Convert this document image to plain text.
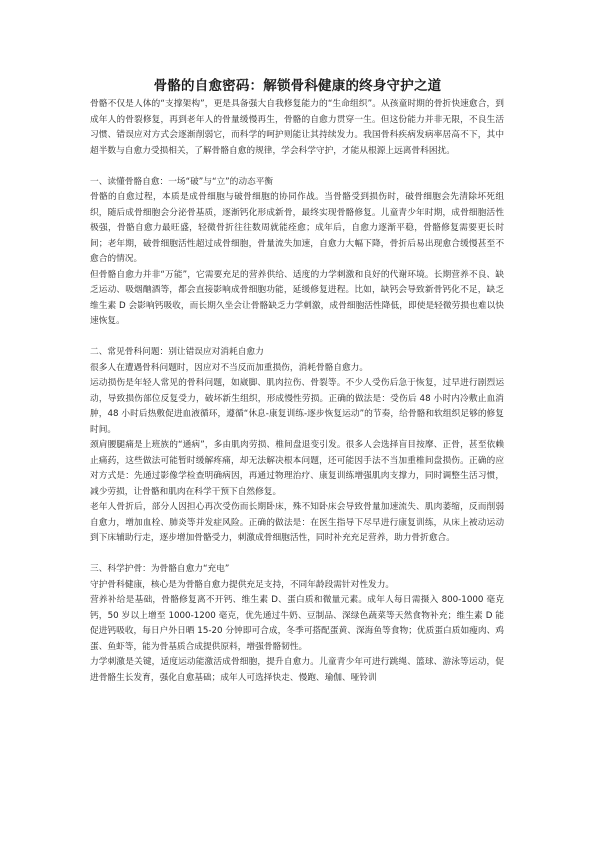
骨骼的自愈密码：解锁骨科健康的终身守护之道

骨骼不仅是人体的“支撑架构”，更是具备强大自我修复能力的“生命组织”。从孩童时期的骨折快速愈合，到成年人的骨裂修复，再到老年人的骨量缓慢再生，骨骼的自愈力贯穿一生。但这份能力并非无限，不良生活习惯、错误应对方式会逐渐削弱它，而科学的呵护则能让其持续发力。我国骨科疾病发病率居高不下，其中超半数与自愈力受损相关，了解骨骼自愈的规律，学会科学守护，才能从根源上远离骨科困扰。

一、读懂骨骼自愈：一场“破”与“立”的动态平衡

骨骼的自愈过程，本质是成骨细胞与破骨细胞的协同作战。当骨骼受到损伤时，破骨细胞会先清除坏死组织，随后成骨细胞会分泌骨基质，逐渐钙化形成新骨，最终实现骨骼修复。儿童青少年时期，成骨细胞活性极强，骨骼自愈力最旺盛，轻微骨折往往数周就能痊愈；成年后，自愈力逐渐平稳，骨骼修复需要更长时间；老年期，破骨细胞活性超过成骨细胞，骨量流失加速，自愈力大幅下降，骨折后易出现愈合缓慢甚至不愈合的情况。

但骨骼自愈力并非“万能”，它需要充足的营养供给、适度的力学刺激和良好的代谢环境。长期营养不良、缺乏运动、吸烟酗酒等，都会直接影响成骨细胞功能，延缓修复进程。比如，缺钙会导致新骨钙化不足，缺乏维生素 D 会影响钙吸收，而长期久坐会让骨骼缺乏力学刺激，成骨细胞活性降低，即使是轻微劳损也难以快速恢复。

二、常见骨科问题：别让错误应对消耗自愈力

很多人在遭遇骨科问题时，因应对不当反而加重损伤，消耗骨骼自愈力。

运动损伤是年轻人常见的骨科问题，如崴脚、肌肉拉伤、骨裂等。不少人受伤后急于恢复，过早进行剧烈运动，导致损伤部位反复受力，破坏新生组织，形成慢性劳损。正确的做法是：受伤后 48 小时内冷敷止血消肿，48 小时后热敷促进血液循环，遵循“休息-康复训练-逐步恢复运动”的节奏，给骨骼和软组织足够的修复时间。

颈肩腰腿痛是上班族的“通病”，多由肌肉劳损、椎间盘退变引发。很多人会选择盲目按摩、正骨，甚至依赖止痛药，这些做法可能暂时缓解疼痛，却无法解决根本问题，还可能因手法不当加重椎间盘损伤。正确的应对方式是：先通过影像学检查明确病因，再通过物理治疗、康复训练增强肌肉支撑力，同时调整生活习惯，减少劳损，让骨骼和肌肉在科学干预下自然修复。

老年人骨折后，部分人因担心再次受伤而长期卧床，殊不知卧床会导致骨量加速流失、肌肉萎缩，反而削弱自愈力，增加血栓、肺炎等并发症风险。正确的做法是：在医生指导下尽早进行康复训练，从床上被动运动到下床辅助行走，逐步增加骨骼受力，刺激成骨细胞活性，同时补充充足营养，助力骨折愈合。

三、科学护骨：为骨骼自愈力“充电”

守护骨科健康，核心是为骨骼自愈力提供充足支持，不同年龄段需针对性发力。

营养补给是基础，骨骼修复离不开钙、维生素 D、蛋白质和微量元素。成年人每日需摄入 800-1000 毫克钙，50 岁以上增至 1000-1200 毫克，优先通过牛奶、豆制品、深绿色蔬菜等天然食物补充；维生素 D 能促进钙吸收，每日户外日晒 15-20 分钟即可合成，冬季可搭配蛋黄、深海鱼等食物；优质蛋白质如瘦肉、鸡蛋、鱼虾等，能为骨基质合成提供原料，增强骨骼韧性。

力学刺激是关键，适度运动能激活成骨细胞，提升自愈力。儿童青少年可进行跳绳、篮球、游泳等运动，促进骨骼生长发育，强化自愈基础；成年人可选择快走、慢跑、瑜伽、哑铃训
